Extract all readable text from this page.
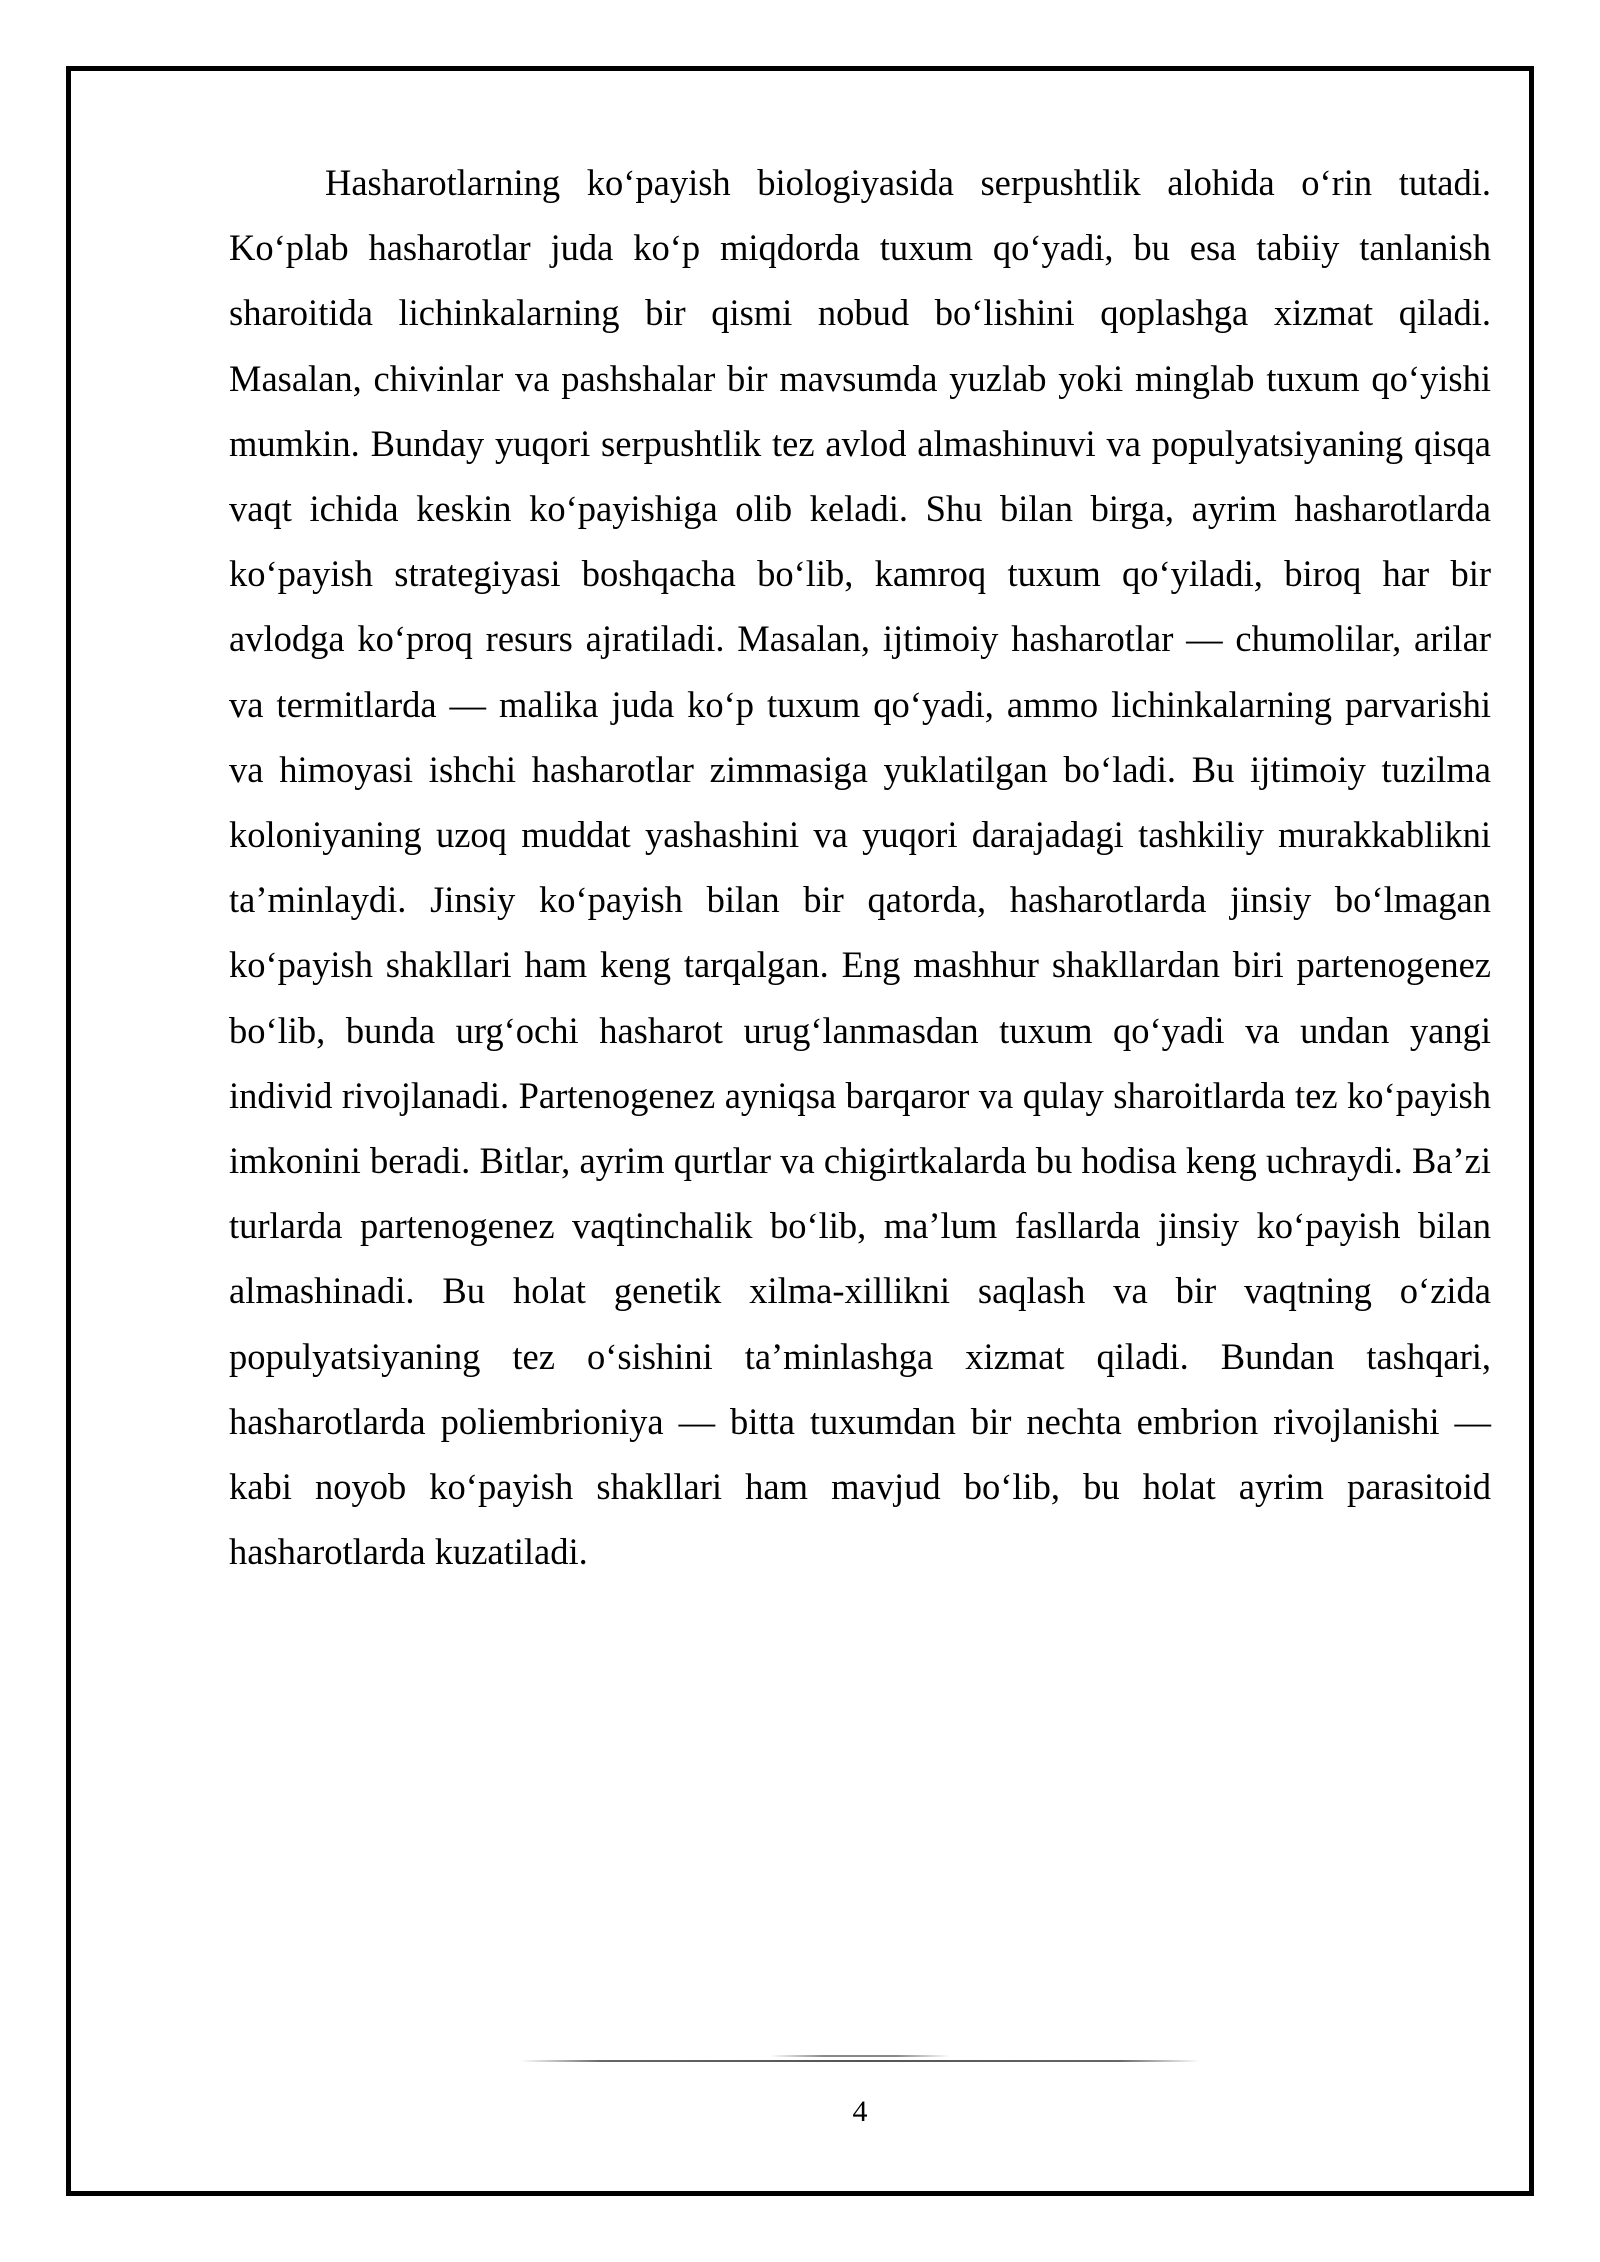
Hasharotlarning ko‘payish biologiyasida serpushtlik alohida o‘rin tutadi. Ko‘plab hasharotlar juda ko‘p miqdorda tuxum qo‘yadi, bu esa tabiiy tanlanish sharoitida lichinkalarning bir qismi nobud bo‘lishini qoplashga xizmat qiladi. Masalan, chivinlar va pashshalar bir mavsumda yuzlab yoki minglab tuxum qo‘yishi mumkin. Bunday yuqori serpushtlik tez avlod almashinuvi va populyatsiyaning qisqa vaqt ichida keskin ko‘payishiga olib keladi. Shu bilan birga, ayrim hasharotlarda ko‘payish strategiyasi boshqacha bo‘lib, kamroq tuxum qo‘yiladi, biroq har bir avlodga ko‘proq resurs ajratiladi. Masalan, ijtimoiy hasharotlar — chumolilar, arilar va termitlarda — malika juda ko‘p tuxum qo‘yadi, ammo lichinkalarning parvarishi va himoyasi ishchi hasharotlar zimmasiga yuklatilgan bo‘ladi. Bu ijtimoiy tuzilma koloniyaning uzoq muddat yashashini va yuqori darajadagi tashkiliy murakkablikni ta’minlaydi. Jinsiy ko‘payish bilan bir qatorda, hasharotlarda jinsiy bo‘lmagan ko‘payish shakllari ham keng tarqalgan. Eng mashhur shakllardan biri partenogenez bo‘lib, bunda urg‘ochi hasharot urug‘lanmasdan tuxum qo‘yadi va undan yangi individ rivojlanadi. Partenogenez ayniqsa barqaror va qulay sharoitlarda tez ko‘payish imkonini beradi. Bitlar, ayrim qurtlar va chigirtkalarda bu hodisa keng uchraydi. Ba’zi turlarda partenogenez vaqtinchalik bo‘lib, ma’lum fasllarda jinsiy ko‘payish bilan almashinadi. Bu holat genetik xilma-xillikni saqlash va bir vaqtning o‘zida populyatsiyaning tez o‘sishini ta’minlashga xizmat qiladi. Bundan tashqari, hasharotlarda poliembrioniya — bitta tuxumdan bir nechta embrion rivojlanishi — kabi noyob ko‘payish shakllari ham mavjud bo‘lib, bu holat ayrim parasitoid hasharotlarda kuzatiladi.

4
